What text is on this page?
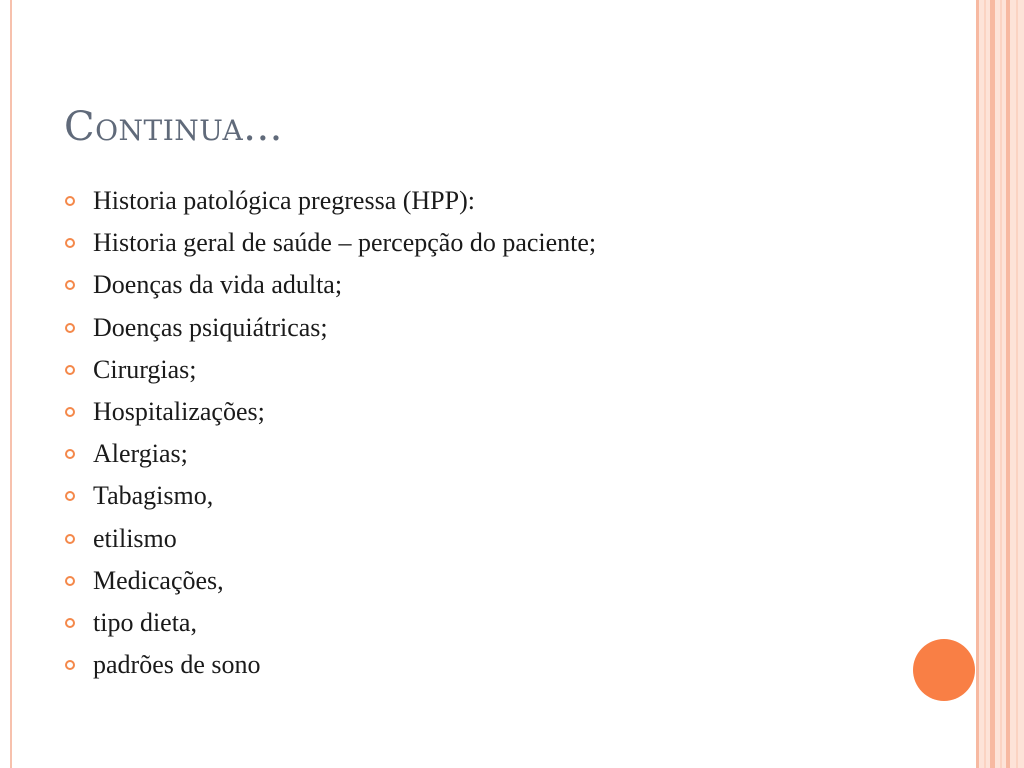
Continua...
Historia patológica pregressa (HPP):
Historia geral de saúde – percepção do paciente;
Doenças da vida adulta;
Doenças psiquiátricas;
Cirurgias;
Hospitalizações;
Alergias;
Tabagismo,
etilismo
Medicações,
tipo dieta,
padrões de sono
